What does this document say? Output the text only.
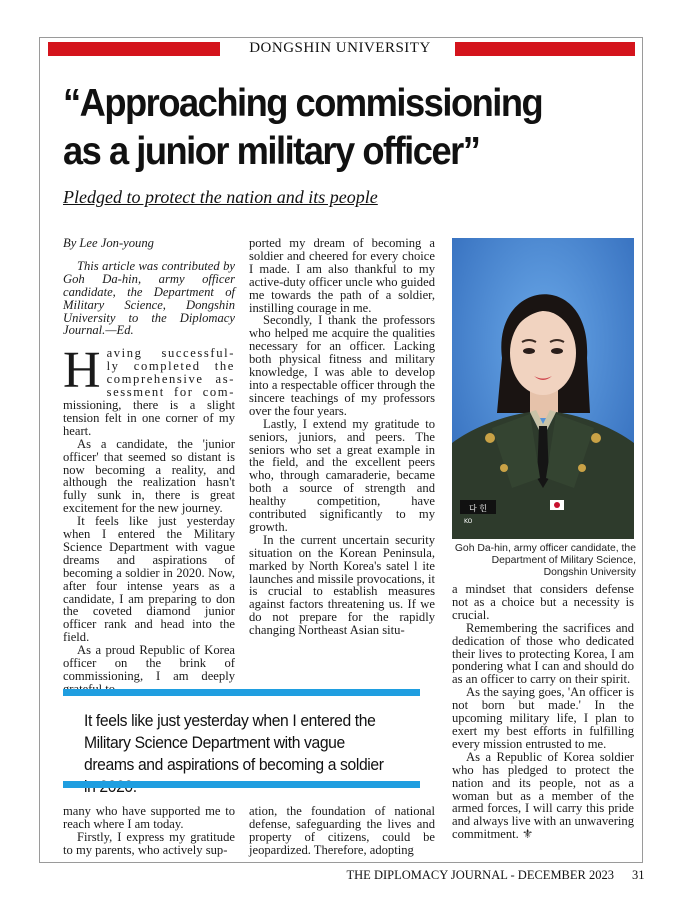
DONGSHIN UNIVERSITY
“Approaching commissioning
as a junior military officer”
Pledged to protect the nation and its people

By Lee Jon-young

This article was contributed by Goh Da-hin, army officer candidate, the Department of Military Science, Dongshin University to the Diplomacy Journal.—Ed.

H aving successful- ly completed the comprehensive as- sessment for com- missioning, there is a slight tension felt in one corner of my heart.

As a candidate, the 'junior officer' that seemed so distant is now becoming a reality, and although the realization hasn't fully sunk in, there is great excitement for the new journey.

It feels like just yesterday when I entered the Military Science Department with vague dreams and aspirations of becoming a soldier in 2020. Now, after four intense years as a candidate, I am preparing to don the coveted diamond junior officer rank and head into the field.

As a proud Republic of Korea officer on the brink of commissioning, I am deeply

ported my dream of becoming a soldier and cheered for every choice I made. I am also thankful to my active-duty officer uncle who guided me towards the path of a soldier, instilling courage in me.

Secondly, I thank the professors who helped me acquire the qualities necessary for an officer. Lacking both physical fitness and military knowledge, I was able to develop into a respectable officer through the sincere teachings of my professors over the four years.

Lastly, I extend my gratitude to seniors, juniors, and peers. The seniors who set a great example in the field, and the excellent peers who, through camaraderie, became both a source of strength and healthy competition, have contributed significantly to my growth.

In the current uncertain security situation on the Korean Peninsula, marked by North Korea's satel l ite launches and missile provocations, it is crucial to establish measures against factors threatening us. If we do not prepare for the rapidly changing Northeast Asian situ-

다 힌
KO
Goh Da-hin, army officer candidate, the Department of Military Science, Dongshin University

a mindset that considers defense not as a choice but a necessity is crucial.

Remembering the sacrifices and dedication of those who dedicated their lives to protecting Korea, I am pondering what I can and should do as an officer to carry on their spirit.

As the saying goes, 'An officer is not born but made.' In the upcoming military life, I plan to exert my best efforts in fulfilling every mission entrusted to me.

As a Republic of Korea soldier who has pledged to protect the nation and its people, not as a woman but as a member of the armed forces, I will carry this pride and always live with an unwavering commitment. ⚜

It feels like just yesterday when I entered the Military Science Department with vague dreams and aspirations of becoming a soldier

many who have supported me to reach where I am today.

Firstly, I express my gratitude to my parents, who actively sup-

ation, the foundation of national defense, safeguarding the lives and property of citizens, could be jeopardized. Therefore, adopting

THE DIPLOMACY JOURNAL - DECEMBER 2023 31
